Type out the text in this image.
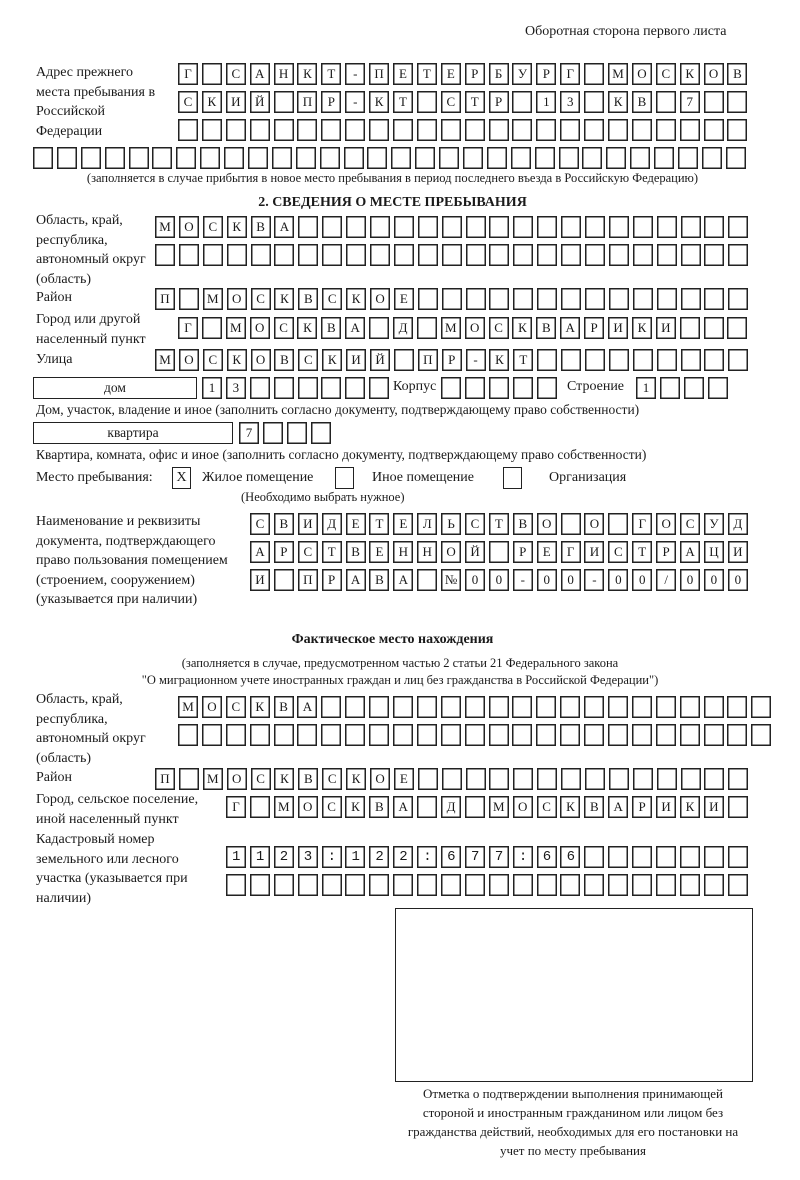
Оборотная сторона первого листа
Адрес прежнего места пребывания в Российской Федерации
Г	С	А	Н	К	Т	-	П	Е	Т	Е	Р	Б	У	Р	Г	М	О	С	К	О	В
С	К	И	Й	П	Р	-	К	Т	С	Т	Р	1	3	К	В	7
(заполняется в случае прибытия в новое место пребывания в период последнего въезда в Российскую Федерацию)
2. СВЕДЕНИЯ О МЕСТЕ ПРЕБЫВАНИЯ
Область, край, республика, автономный округ (область)
М	О	С	К	В	А
Район	П	М	О	С	К	В	С	К	О	Е
Город или другой населенный пункт
Г	М	О	С	К	В	А	Д	М	О	С	К	В	А	Р	И	К	И
Улица	М	О	С	К	О	В	С	К	И	Й	П	Р	-	К	Т
дом	1	3	Корпус	Строение	1
Дом, участок, владение и иное (заполнить согласно документу, подтверждающему право собственности)
квартира	7
Квартира, комната, офис и иное (заполнить согласно документу, подтверждающему право собственности)
Место пребывания:	X	Жилое помещение	Иное помещение	Организация
(Необходимо выбрать нужное)
Наименование и реквизиты документа, подтверждающего право пользования помещением (строением, сооружением) (указывается при наличии)
С	В	И	Д	Е	Т	Е	Л	Ь	С	Т	В	О	О	Г	О	С	У	Д
А	Р	С	Т	В	Е	Н	Н	О	Й	Р	Е	Г	И	С	Т	Р	А	Ц	И
И	П	Р	А	В	А	№	0	0	-	0	0	-	0	0	/	0	0	0
Фактическое место нахождения
(заполняется в случае, предусмотренном частью 2 статьи 21 Федерального закона
"О миграционном учете иностранных граждан и лиц без гражданства в Российской Федерации")
Область, край, республика, автономный округ (область)
М	О	С	К	В	А
Район	П	М	О	С	К	В	С	К	О	Е
Город, сельское поселение, иной населенный пункт
Г	М	О	С	К	В	А	Д	М	О	С	К	В	А	Р	И	К	И
Кадастровый номер земельного или лесного участка (указывается при наличии)
1123:122:677:66
Отметка о подтверждении выполнения принимающей стороной и иностранным гражданином или лицом без гражданства действий, необходимых для его постановки на учет по месту пребывания
